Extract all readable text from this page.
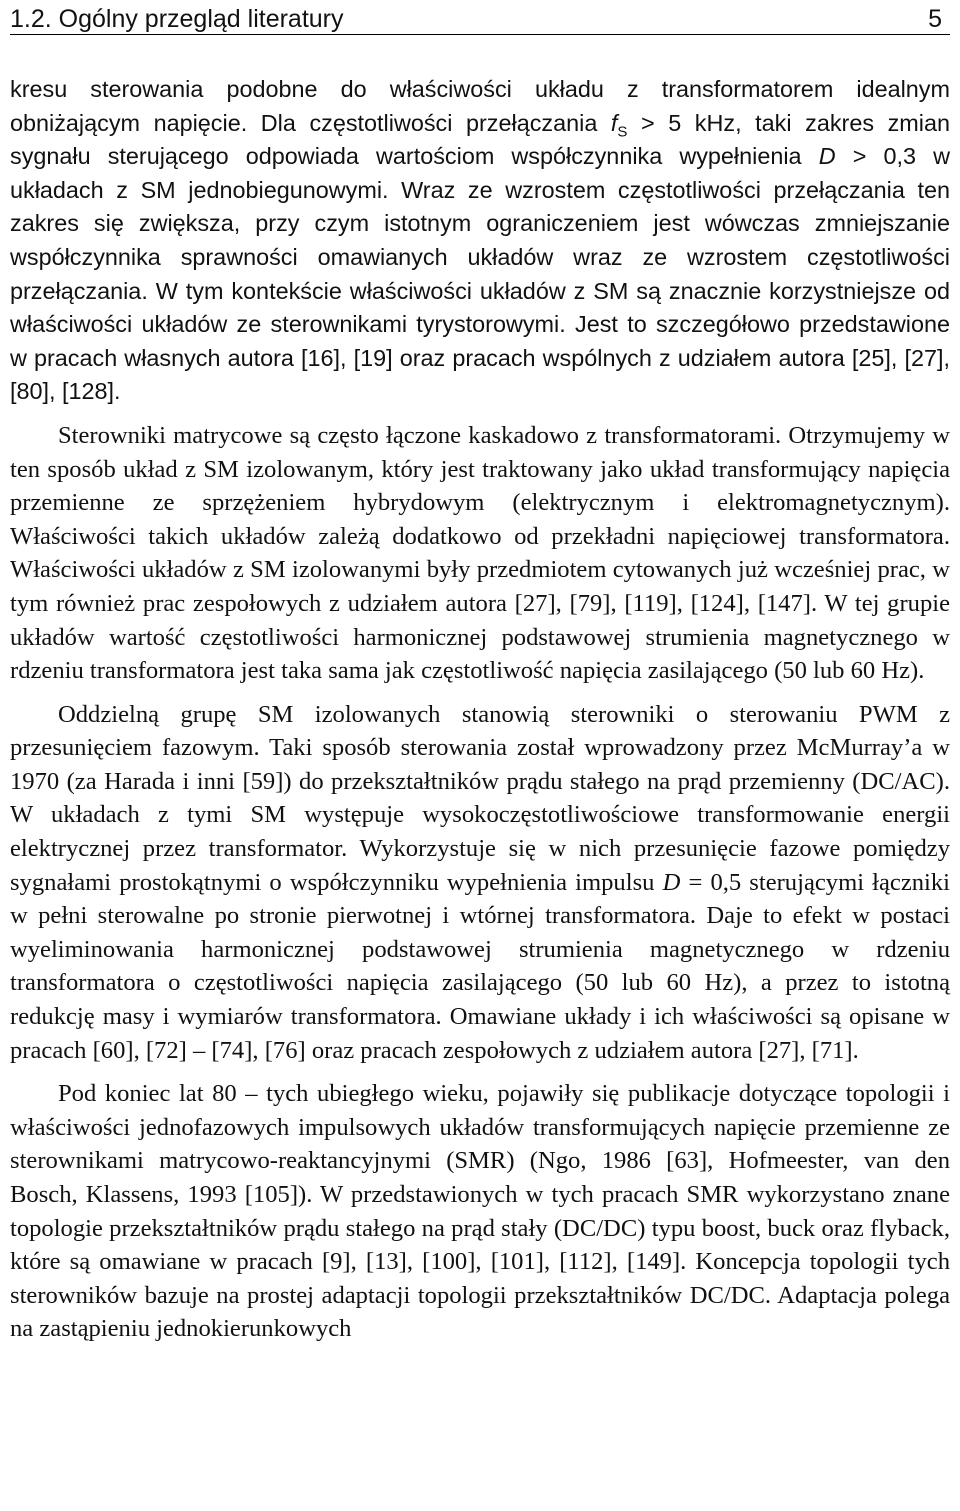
1.2. Ogólny przegląd literatury	5

kresu sterowania podobne do właściwości układu z transformatorem idealnym obniżającym napięcie. Dla częstotliwości przełączania $f_S > 5$ kHz, taki zakres zmian sygnału sterującego odpowiada wartościom współczynnika wypełnienia D > 0,3 w układach z SM jednobiegunowymi. Wraz ze wzrostem częstotliwości przełączania ten zakres się zwiększa, przy czym istotnym ograniczeniem jest wówczas zmniejszanie współczynnika sprawności omawianych układów wraz ze wzrostem częstotliwości przełączania. W tym kontekście właściwości układów z SM są znacznie korzystniejsze od właściwości układów ze sterownikami tyrystorowymi. Jest to szczegółowo przedstawione w pracach własnych autora [16], [19] oraz pracach wspólnych z udziałem autora [25], [27], [80], [128].

Sterowniki matrycowe są często łączone kaskadowo z transformatorami. Otrzymujemy w ten sposób układ z SM izolowanym, który jest traktowany jako układ transformujący napięcia przemienne ze sprzężeniem hybrydowym (elektrycznym i elektromagnetycznym). Właściwości takich układów zależą dodatkowo od przekładni napięciowej transformatora. Właściwości układów z SM izolowanymi były przedmiotem cytowanych już wcześniej prac, w tym również prac zespołowych z udziałem autora [27], [79], [119], [124], [147]. W tej grupie układów wartość częstotliwości harmonicznej podstawowej strumienia magnetycznego w rdzeniu transformatora jest taka sama jak częstotliwość napięcia zasilającego (50 lub 60 Hz).

Oddzielną grupę SM izolowanych stanowią sterowniki o sterowaniu PWM z przesunięciem fazowym. Taki sposób sterowania został wprowadzony przez McMurray’a w 1970 (za Harada i inni [59]) do przekształtników prądu stałego na prąd przemienny (DC/AC). W układach z tymi SM występuje wysokoczęstotliwościowe transformowanie energii elektrycznej przez transformator. Wykorzystuje się w nich przesunięcie fazowe pomiędzy sygnałami prostokątnymi o współczynniku wypełnienia impulsu D = 0,5 sterującymi łączniki w pełni sterowalne po stronie pierwotnej i wtórnej transformatora. Daje to efekt w postaci wyeliminowania harmonicznej podstawowej strumienia magnetycznego w rdzeniu transformatora o częstotliwości napięcia zasilającego (50 lub 60 Hz), a przez to istotną redukcję masy i wymiarów transformatora. Omawiane układy i ich właściwości są opisane w pracach [60], [72] – [74], [76] oraz pracach zespołowych z udziałem autora [27], [71].

Pod koniec lat 80 – tych ubiegłego wieku, pojawiły się publikacje dotyczące topologii i właściwości jednofazowych impulsowych układów transformujących napięcie przemienne ze sterownikami matrycowo-reaktancyjnymi (SMR) (Ngo, 1986 [63], Hofmeester, van den Bosch, Klassens, 1993 [105]). W przedstawionych w tych pracach SMR wykorzystano znane topologie przekształtników prądu stałego na prąd stały (DC/DC) typu boost, buck oraz flyback, które są omawiane w pracach [9], [13], [100], [101], [112], [149]. Koncepcja topologii tych sterowników bazuje na prostej adaptacji topologii przekształtników DC/DC. Adaptacja polega na zastąpieniu jednokierunkowych
